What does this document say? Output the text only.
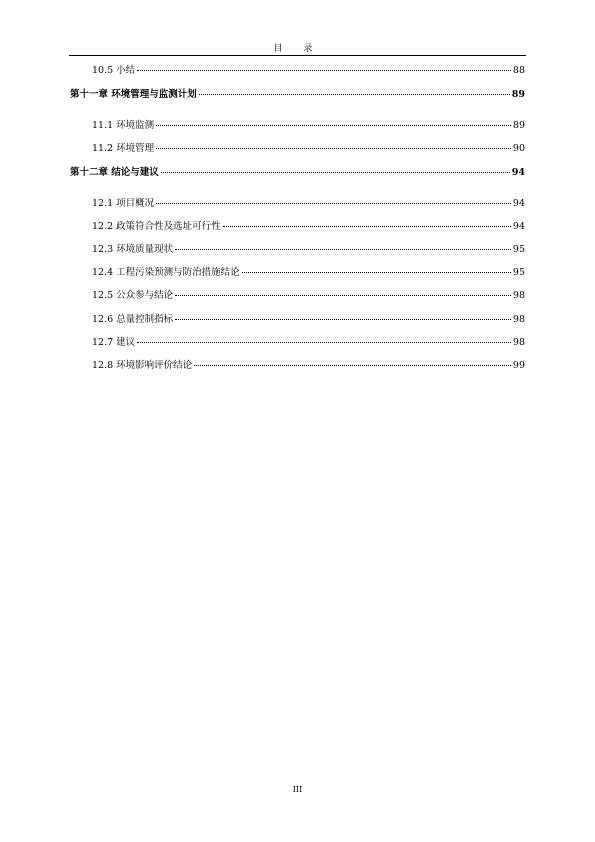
目 录
10.5 小结	88
第十一章 环境管理与监测计划	89
11.1 环境监测	89
11.2 环境管理	90
第十二章 结论与建议	94
12.1 项目概况	94
12.2 政策符合性及选址可行性	94
12.3 环境质量现状	95
12.4 工程污染预测与防治措施结论	95
12.5 公众参与结论	98
12.6 总量控制指标	98
12.7 建议	98
12.8 环境影响评价结论	99
III
